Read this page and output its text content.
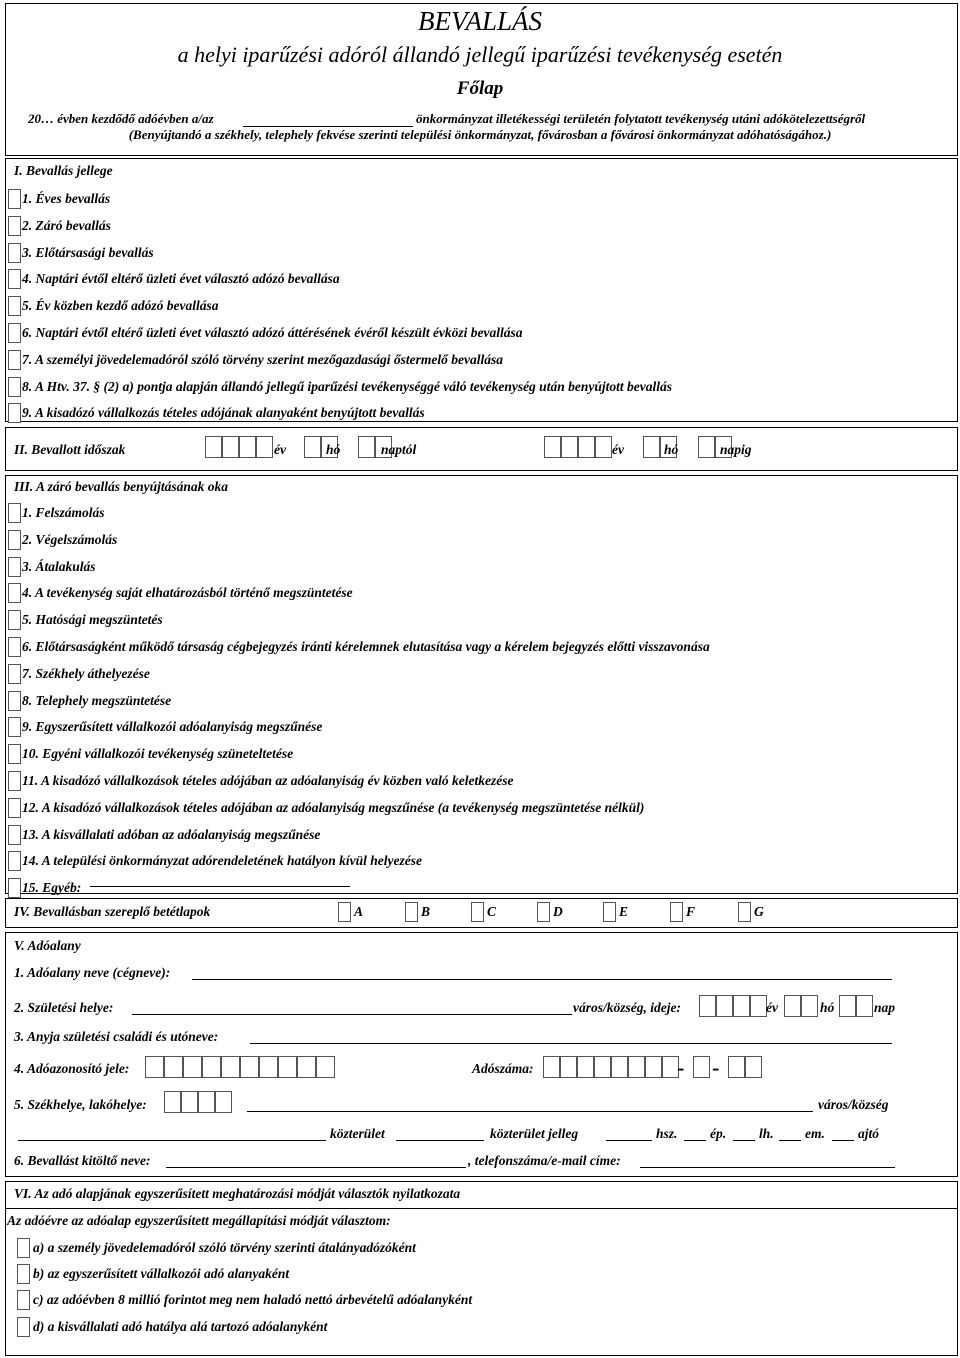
BEVALLÁS
a helyi iparűzési adóról állandó jellegű iparűzési tevékenység esetén
Főlap
20… évben kezdődő adóévben a/az	önkormányzat illetékességi területén folytatott tevékenység utáni adókötelezettségről
(Benyújtandó a székhely, telephely fekvése szerinti települési önkormányzat, fővárosban a fővárosi önkormányzat adóhatóságához.)
I. Bevallás jellege
1. Éves bevallás
2. Záró bevallás
3. Előtársasági bevallás
4. Naptári évtől eltérő üzleti évet választó adózó bevallása
5. Év közben kezdő adózó bevallása
6. Naptári évtől eltérő üzleti évet választó adózó áttérésének évéről készült évközi bevallása
7. A személyi jövedelemadóról szóló törvény szerint mezőgazdasági őstermelő bevallása
8. A Htv. 37. § (2) a) pontja alapján állandó jellegű iparűzési tevékenységgé váló tevékenység után benyújtott bevallás
9. A kisadózó vállalkozás tételes adójának alanyaként benyújtott bevallás
II. Bevallott időszak	év	hó	naptól	év	hó	napig
III. A záró bevallás benyújtásának oka
1. Felszámolás
2. Végelszámolás
3. Átalakulás
4. A tevékenység saját elhatározásból történő megszüntetése
5. Hatósági megszüntetés
6. Előtársaságként működő társaság cégbejegyzés iránti kérelemnek elutasítása vagy a kérelem bejegyzés előtti visszavonása
7. Székhely áthelyezése
8. Telephely megszüntetése
9. Egyszerűsített vállalkozói adóalanyiság megszűnése
10. Egyéni vállalkozói tevékenység szüneteltetése
11. A kisadózó vállalkozások tételes adójában az adóalanyiság év közben való keletkezése
12. A kisadózó vállalkozások tételes adójában az adóalanyiság megszűnése (a tevékenység megszüntetése nélkül)
13. A kisvállalati adóban az adóalanyiság megszűnése
14. A települési önkormányzat adórendeletének hatályon kívül helyezése
15. Egyéb:
IV. Bevallásban szereplő betétlapok	A	B	C	D	E	F	G
V. Adóalany
1. Adóalany neve (cégneve):
2. Születési helye:	város/község, ideje:	év	hó	nap
3. Anyja születési családi és utóneve:
4. Adóazonosító jele:	Adószáma:	- -
5. Székhelye, lakóhelye:	város/község
közterület	közterület jelleg	hsz. ép. lh. em. ajtó
6. Bevallást kitöltő neve:	, telefonszáma/e-mail címe:
VI. Az adó alapjának egyszerűsített meghatározási módját választók nyilatkozata
Az adóévre az adóalap egyszerűsített megállapítási módját választom:
a) a személy jövedelemadóról szóló törvény szerinti átalányadózóként
b) az egyszerűsített vállalkozói adó alanyaként
c) az adóévben 8 millió forintot meg nem haladó nettó árbevételű adóalanyként
d) a kisvállalati adó hatálya alá tartozó adóalanyként
